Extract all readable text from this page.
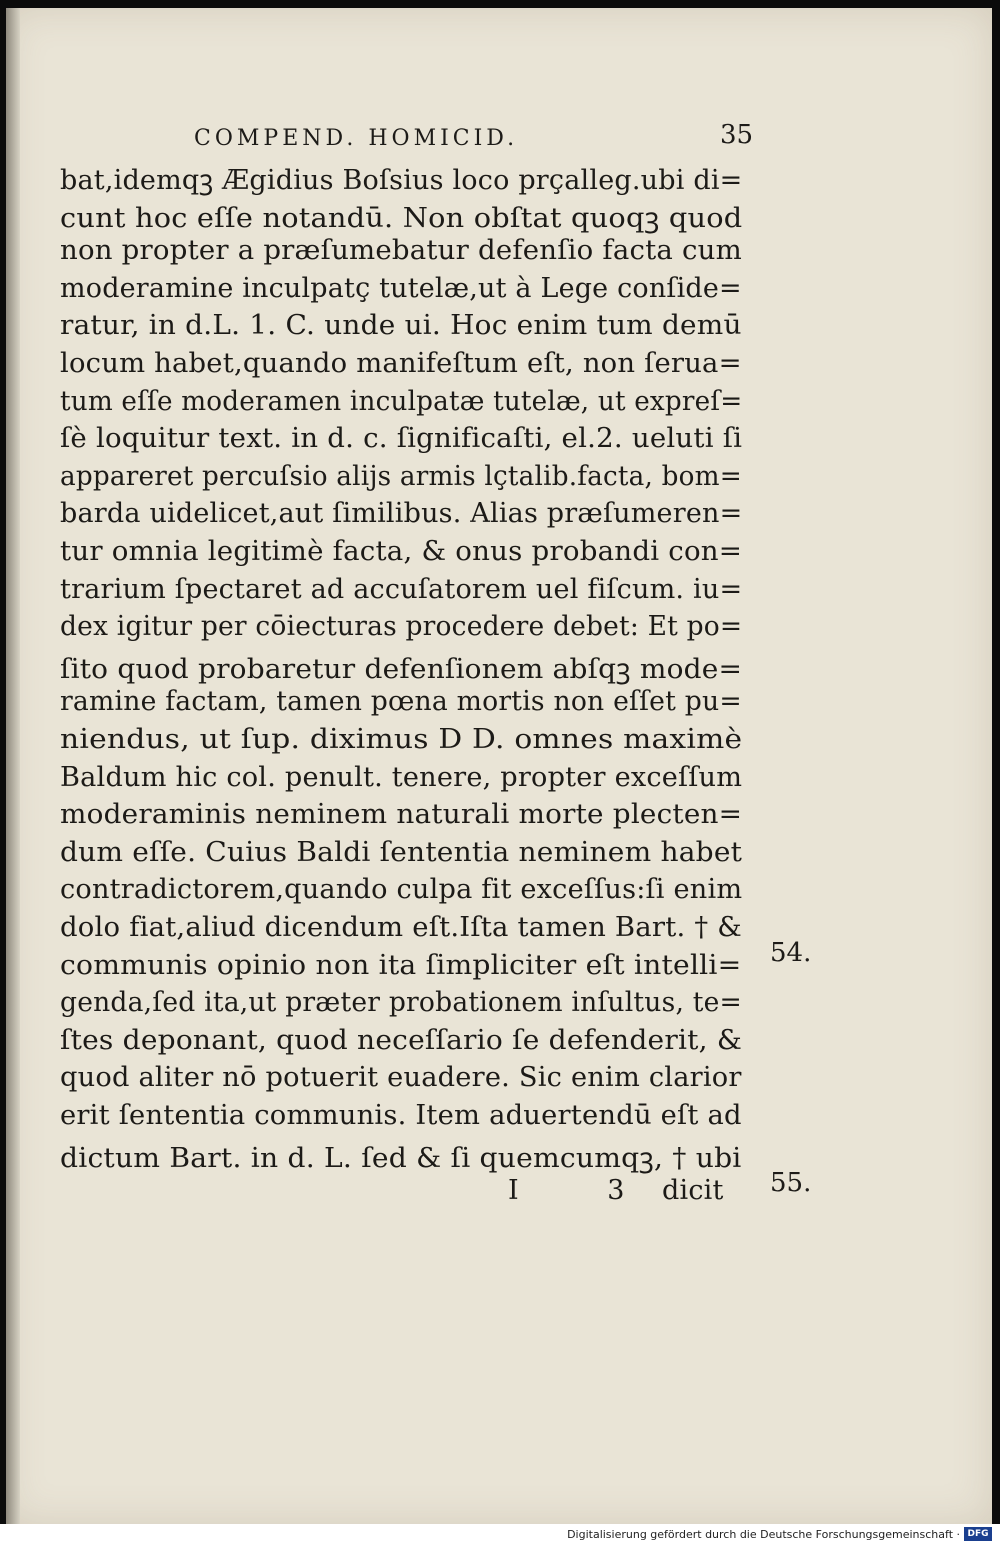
COMPEND. HOMICID.	35
bat,idemqꝫ Ægidius Boſsius loco prçalleg.ubi di=
cunt hoc eſſe notandū. Non obſtat quoqꝫ quod
non propter a præſumebatur defenſio facta cum
moderamine inculpatç tutelæ,ut à Lege conſide=
ratur, in d.L. 1. C. unde ui. Hoc enim tum demū
locum habet,quando manifeſtum eſt, non ſerua=
tum eſſe moderamen inculpatæ tutelæ, ut expreſ=
ſè loquitur text. in d. c. ſignificaſti, el.2. ueluti ſi
appareret percuſsio alijs armis lçtalib.facta, bom=
barda uidelicet,aut ſimilibus. Alias præſumeren=
tur omnia legitimè facta, & onus probandi con=
trarium ſpectaret ad accuſatorem uel fiſcum. iu=
dex igitur per cōiecturas procedere debet: Et po=
ſito quod probaretur defenſionem abſqꝫ mode=
ramine factam, tamen pœna mortis non eſſet pu=
niendus, ut ſup. diximus D D. omnes maximè
Baldum hic col. penult. tenere, propter exceſſum
moderaminis neminem naturali morte plecten=
dum eſſe. Cuius Baldi ſententia neminem habet
contradictorem,quando culpa fit exceſſus:ſi enim
dolo fiat,aliud dicendum eſt.Iſta tamen Bart. † &
communis opinio non ita ſimpliciter eſt intelli=
genda,ſed ita,ut præter probationem inſultus, te=
ſtes deponant, quod neceſſario ſe defenderit, &
quod aliter nō potuerit euadere. Sic enim clarior
erit ſententia communis. Item aduertendū eſt ad
dictum Bart. in d. L. ſed & ſi quemcumqꝫ, † ubi
I 3
dicit
54.
55.
Digitalisierung gefördert durch die Deutsche Forschungsgemeinschaft · DFG
